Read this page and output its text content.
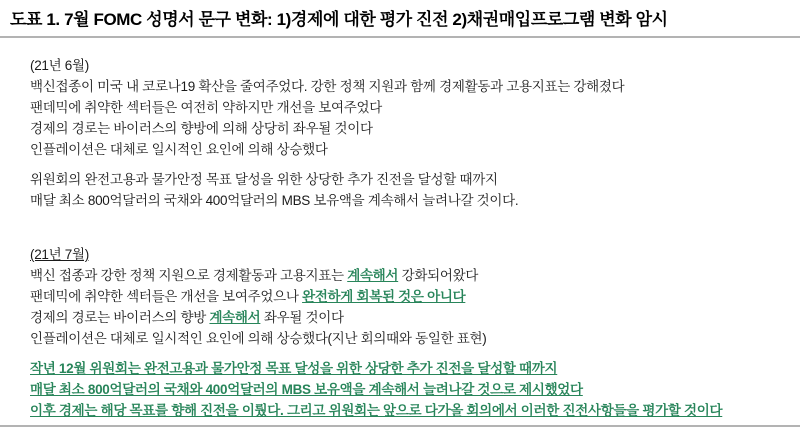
도표 1. 7월 FOMC 성명서 문구 변화: 1)경제에 대한 평가 진전 2)채권매입프로그램 변화 암시
(21년 6월)
백신접종이 미국 내 코로나19 확산을 줄여주었다. 강한 정책 지원과 함께 경제활동과 고용지표는 강해졌다
팬데믹에 취약한 섹터들은 여전히 약하지만 개선을 보여주었다
경제의 경로는 바이러스의 향방에 의해 상당히 좌우될 것이다
인플레이션은 대체로 일시적인 요인에 의해 상승했다
위원회의 완전고용과 물가안정 목표 달성을 위한 상당한 추가 진전을 달성할 때까지
매달 최소 800억달러의 국채와 400억달러의 MBS 보유액을 계속해서 늘려나갈 것이다.
(21년 7월)
백신 접종과 강한 정책 지원으로 경제활동과 고용지표는 계속해서 강화되어왔다
팬데믹에 취약한 섹터들은 개선을 보여주었으나 완전하게 회복된 것은 아니다
경제의 경로는 바이러스의 향방 계속해서 좌우될 것이다
인플레이션은 대체로 일시적인 요인에 의해 상승했다(지난 회의때와 동일한 표현)
작년 12월 위원회는 완전고용과 물가안정 목표 달성을 위한 상당한 추가 진전을 달성할 때까지
매달 최소 800억달러의 국채와 400억달러의 MBS 보유액을 계속해서 늘려나갈 것으로 제시했었다
이후 경제는 해당 목표를 향해 진전을 이뤘다. 그리고 위원회는 앞으로 다가올 회의에서 이러한 진전사항들을 평가할 것이다
